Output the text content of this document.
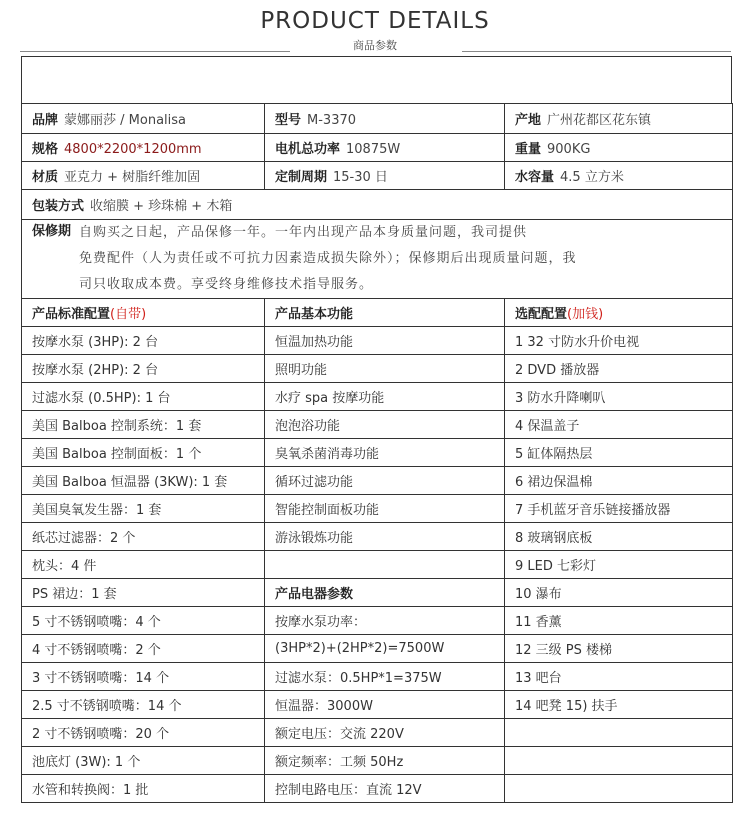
PRODUCT DETAILS
商品参数
品牌 蒙娜丽莎 / Monalisa	型号 M-3370	产地 广州花都区花东镇
规格 4800*2200*1200mm	电机总功率 10875W	重量 900KG
材质 亚克力 + 树脂纤维加固	定制周期 15-30 日	水容量 4.5 立方米
包装方式 收缩膜 + 珍珠棉 + 木箱		

保修期 自购买之日起，产品保修一年。一年内出现产品本身质量问题，我司提供
免费配件（人为责任或不可抗力因素造成损失除外）；保修期后出现质量问题，我
司只收取成本费。享受终身维修技术指导服务。		

产品标准配置(自带)	产品基本功能	选配配置(加钱)
按摩水泵 (3HP): 2 台	恒温加热功能	1 32 寸防水升价电视
按摩水泵 (2HP): 2 台	照明功能	2 DVD 播放器
过滤水泵 (0.5HP): 1 台	水疗 spa 按摩功能	3 防水升降喇叭
美国 Balboa 控制系统：1 套	泡泡浴功能	4 保温盖子
美国 Balboa 控制面板：1 个	臭氧杀菌消毒功能	5 缸体隔热层
美国 Balboa 恒温器 (3KW): 1 套	循环过滤功能	6 裙边保温棉
美国臭氧发生器：1 套	智能控制面板功能	7 手机蓝牙音乐链接播放器
纸芯过滤器：2 个	游泳锻炼功能	8 玻璃钢底板
枕头：4 件		9 LED 七彩灯
PS 裙边：1 套	产品电器参数	10 瀑布
5 寸不锈钢喷嘴：4 个	按摩水泵功率：	11 香薰
4 寸不锈钢喷嘴：2 个	(3HP*2)+(2HP*2)=7500W	12 三级 PS 楼梯
3 寸不锈钢喷嘴：14 个	过滤水泵：0.5HP*1=375W	13 吧台
2.5 寸不锈钢喷嘴：14 个	恒温器：3000W	14 吧凳 15) 扶手
2 寸不锈钢喷嘴：20 个	额定电压：交流 220V	
池底灯 (3W): 1 个	额定频率：工频 50Hz	
水管和转换阀：1 批	控制电路电压：直流 12V	
